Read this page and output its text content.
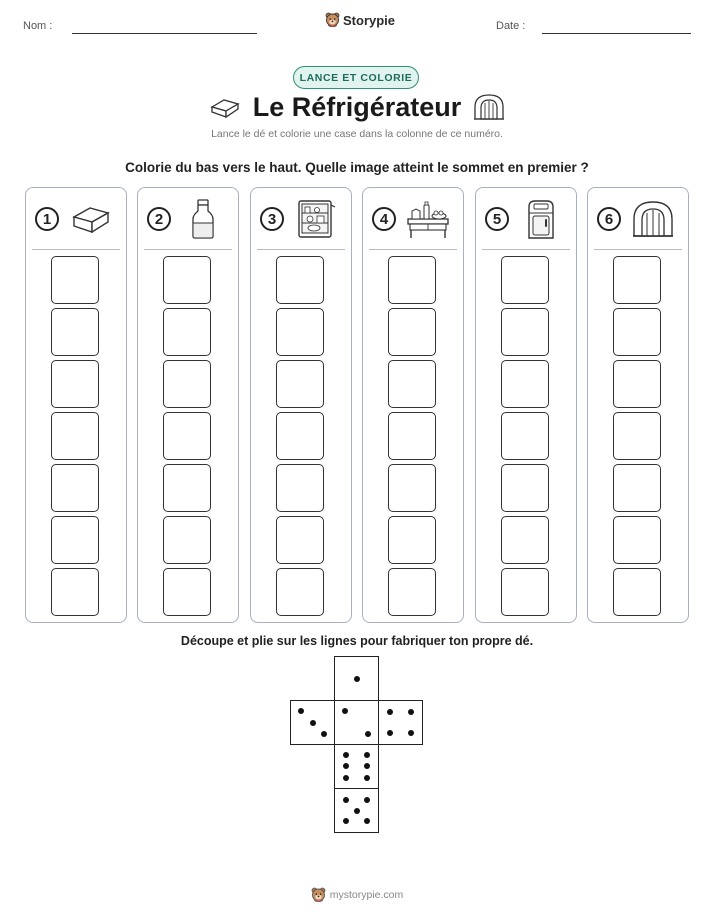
Nom :	Storypie	Date :
LANCE ET COLORIE
Le Réfrigérateur
Lance le dé et colorie une case dans la colonne de ce numéro.
Colorie du bas vers le haut. Quelle image atteint le sommet en premier ?
1	2	3	4	5	6
Découpe et plie sur les lignes pour fabriquer ton propre dé.
mystorypie.com
